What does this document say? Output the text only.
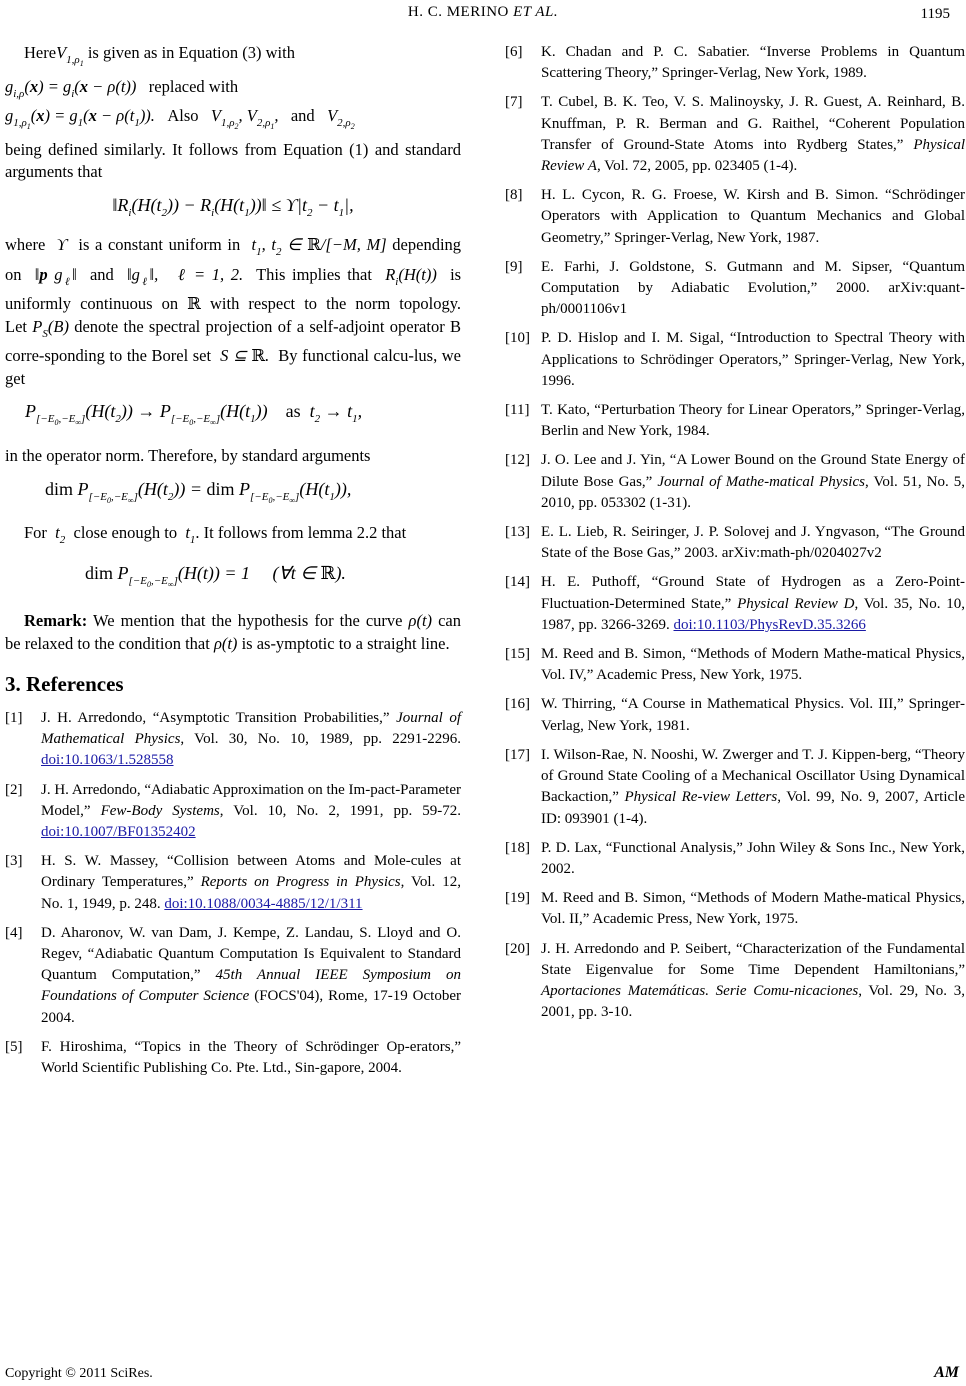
H. C. MERINO ET AL.	1195

HereV$_{1,\rho_1}$ is given as in Equation (3) with

$g_{i,\rho}(x) = g_i(x - \rho(t))$ replaced with

$g_{1,\rho_1}(x) = g_1(x - \rho(t_1))$. Also $V_{1,\rho_2}$, $V_{2,\rho_1}$, and $V_{2,\rho_2}$

being defined similarly. It follows from Equation (1) and standard arguments that

$‖R_i(H(t_2))$ − $R_i(H(t_1))‖ \le ϒ|t_2 - t_1|$,

where ϒ is a constant uniform in $t_1$, $t_2$ ∈ ℝ/[−M, M] depending on ‖p $g_\ell‖$ and $‖g_\ell‖$,   ℓ = 1, 2. This implies that $R_i(H(t))$ is uniformly continuous on ℝ with respect to the norm topology. Let $P_S(B)$ denote the spectral projection of a self-adjoint operator B corre-sponding to the Borel set S ⊆ ℝ. By functional calcu-lus, we get

$P_{[-E_0,-E_\infty]}(H(t_2)) \to P_{[-E_0,-E_\infty]}(H(t_1))$    as  $t_2 \to t_1$,

in the operator norm. Therefore, by standard arguments

dim $P_{[-E_0,-E_\infty]}(H(t_2))$ = dim $P_{[-E_0,-E_\infty]}(H(t_1))$,

For $t_2$ close enough to $t_1$. It follows from lemma 2.2 that

dim $P_{[-E_0,-E_\infty]}(H(t)) = 1$     (∀t ∈ ℝ).

Remark: We mention that the hypothesis for the curve ρ(t) can be relaxed to the condition that ρ(t) is as-ymptotic to a straight line.

3. References
[1]	J. H. Arredondo, “Asymptotic Transition Probabilities,” Journal of Mathematical Physics, Vol. 30, No. 10, 1989, pp. 2291-2296. doi:10.1063/1.528558
[2]	J. H. Arredondo, “Adiabatic Approximation on the Im-pact-Parameter Model,” Few-Body Systems, Vol. 10, No. 2, 1991, pp. 59-72. doi:10.1007/BF01352402
[3]	H. S. W. Massey, “Collision between Atoms and Mole-cules at Ordinary Temperatures,” Reports on Progress in Physics, Vol. 12, No. 1, 1949, p. 248. doi:10.1088/0034-4885/12/1/311
[4]	D. Aharonov, W. van Dam, J. Kempe, Z. Landau, S. Lloyd and O. Regev, “Adiabatic Quantum Computation Is Equivalent to Standard Quantum Computation,” 45th Annual IEEE Symposium on Foundations of Computer Science (FOCS'04), Rome, 17-19 October 2004.
[5]	F. Hiroshima, “Topics in the Theory of Schrödinger Op-erators,” World Scientific Publishing Co. Pte. Ltd., Sin-gapore, 2004.
[6]	K. Chadan and P. C. Sabatier. “Inverse Problems in Quantum Scattering Theory,” Springer-Verlag, New York, 1989.
[7]	T. Cubel, B. K. Teo, V. S. Malinoysky, J. R. Guest, A. Reinhard, B. Knuffman, P. R. Berman and G. Raithel, “Coherent Population Transfer of Ground-State Atoms into Rydberg States,” Physical Review A, Vol. 72, 2005, pp. 023405 (1-4).
[8]	H. L. Cycon, R. G. Froese, W. Kirsh and B. Simon. “Schrödinger Operators with Application to Quantum Mechanics and Global Geometry,” Springer-Verlag, New York, 1987.
[9]	E. Farhi, J. Goldstone, S. Gutmann and M. Sipser, “Quantum Computation by Adiabatic Evolution,” 2000. arXiv:quant-ph/0001106v1
[10] P. D. Hislop and I. M. Sigal, “Introduction to Spectral Theory with Applications to Schrödinger Operators,” Springer-Verlag, New York, 1996.
[11] T. Kato, “Perturbation Theory for Linear Operators,” Springer-Verlag, Berlin and New York, 1984.
[12] J. O. Lee and J. Yin, “A Lower Bound on the Ground State Energy of Dilute Bose Gas,” Journal of Mathe-matical Physics, Vol. 51, No. 5, 2010, pp. 053302 (1-31).
[13] E. L. Lieb, R. Seiringer, J. P. Solovej and J. Yngvason, “The Ground State of the Bose Gas,” 2003. arXiv:math-ph/0204027v2
[14] H. E. Puthoff, “Ground State of Hydrogen as a Zero-Point-Fluctuation-Determined State,” Physical Review D, Vol. 35, No. 10, 1987, pp. 3266-3269. doi:10.1103/PhysRevD.35.3266
[15] M. Reed and B. Simon, “Methods of Modern Mathe-matical Physics, Vol. IV,” Academic Press, New York, 1975.
[16] W. Thirring, “A Course in Mathematical Physics. Vol. III,” Springer-Verlag, New York, 1981.
[17] I. Wilson-Rae, N. Nooshi, W. Zwerger and T. J. Kippen-berg, “Theory of Ground State Cooling of a Mechanical Oscillator Using Dynamical Backaction,” Physical Re-view Letters, Vol. 99, No. 9, 2007, Article ID: 093901 (1-4).
[18] P. D. Lax, “Functional Analysis,” John Wiley & Sons Inc., New York, 2002.
[19] M. Reed and B. Simon, “Methods of Modern Mathe-matical Physics, Vol. II,” Academic Press, New York, 1975.
[20] J. H. Arredondo and P. Seibert, “Characterization of the Fundamental State Eigenvalue for Some Time Dependent Hamiltonians,” Aportaciones Matemáticas. Serie Comu-nicaciones, Vol. 29, No. 3, 2001, pp. 3-10.
Copyright © 2011 SciRes.	AM
